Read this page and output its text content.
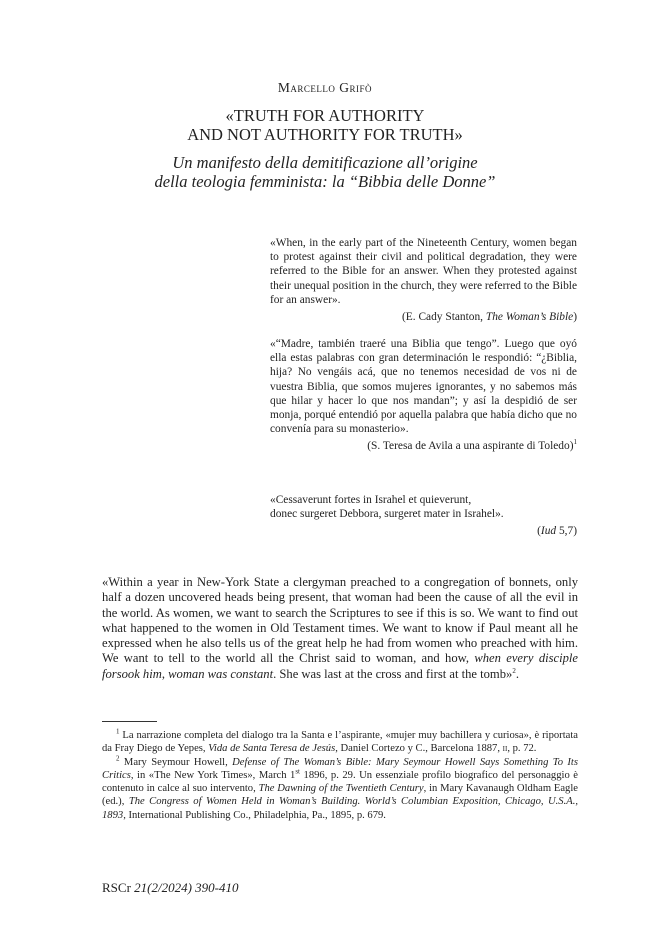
Marcello Grifò
«TRUTH FOR AUTHORITY
AND NOT AUTHORITY FOR TRUTH»
Un manifesto della demitificazione all’origine
della teologia femminista: la “Bibbia delle Donne”
«When, in the early part of the Nineteenth Century, women began to protest against their civil and political degradation, they were referred to the Bible for an answer. When they protested against their unequal position in the church, they were referred to the Bible for an answer».
(E. Cady Stanton, The Woman’s Bible)
«“Madre, también traeré una Biblia que tengo”. Luego que oyó ella estas palabras con gran determinación le respondió: “¿Biblia, hija? No vengáis acá, que no tenemos necesidad de vos ni de vuestra Biblia, que somos mujeres ignorantes, y no sabemos más que hilar y hacer lo que nos mandan”; y así la despidió de ser monja, porqué entendió por aquella palabra que había dicho que no convenía para su monasterio».
(S. Teresa de Avila a una aspirante di Toledo)$^1$
«Cessaverunt fortes in Israhel et quieverunt,
donec surgeret Debbora, surgeret mater in Israhel».
(Iud 5,7)
«Within a year in New-York State a clergyman preached to a congregation of bonnets, only half a dozen uncovered heads being present, that woman had been the cause of all the evil in the world. As women, we want to search the Scriptures to see if this is so. We want to find out what happened to the women in Old Testament times. We want to know if Paul meant all he expressed when he also tells us of the great help he had from women who preached with him. We want to tell to the world all the Christ said to woman, and how, when every disciple forsook him, woman was constant. She was last at the cross and first at the tomb»$^2$.
$^1$ La narrazione completa del dialogo tra la Santa e l’aspirante, «mujer muy bachillera y curiosa», è riportata da Fray Diego de Yepes, Vida de Santa Teresa de Jesús, Daniel Cortezo y C., Barcelona 1887, ii, p. 72.
$^2$ Mary Seymour Howell, Defense of The Woman’s Bible: Mary Seymour Howell Says Something To Its Critics, in «The New York Times», March 1st 1896, p. 29. Un essenziale profilo biografico del personaggio è contenuto in calce al suo intervento, The Dawning of the Twentieth Century, in Mary Kavanaugh Oldham Eagle (ed.), The Congress of Women Held in Woman’s Building. World’s Columbian Exposition, Chicago, U.S.A., 1893, International Publishing Co., Philadelphia, Pa., 1895, p. 679.
RSCr 21(2/2024) 390-410
